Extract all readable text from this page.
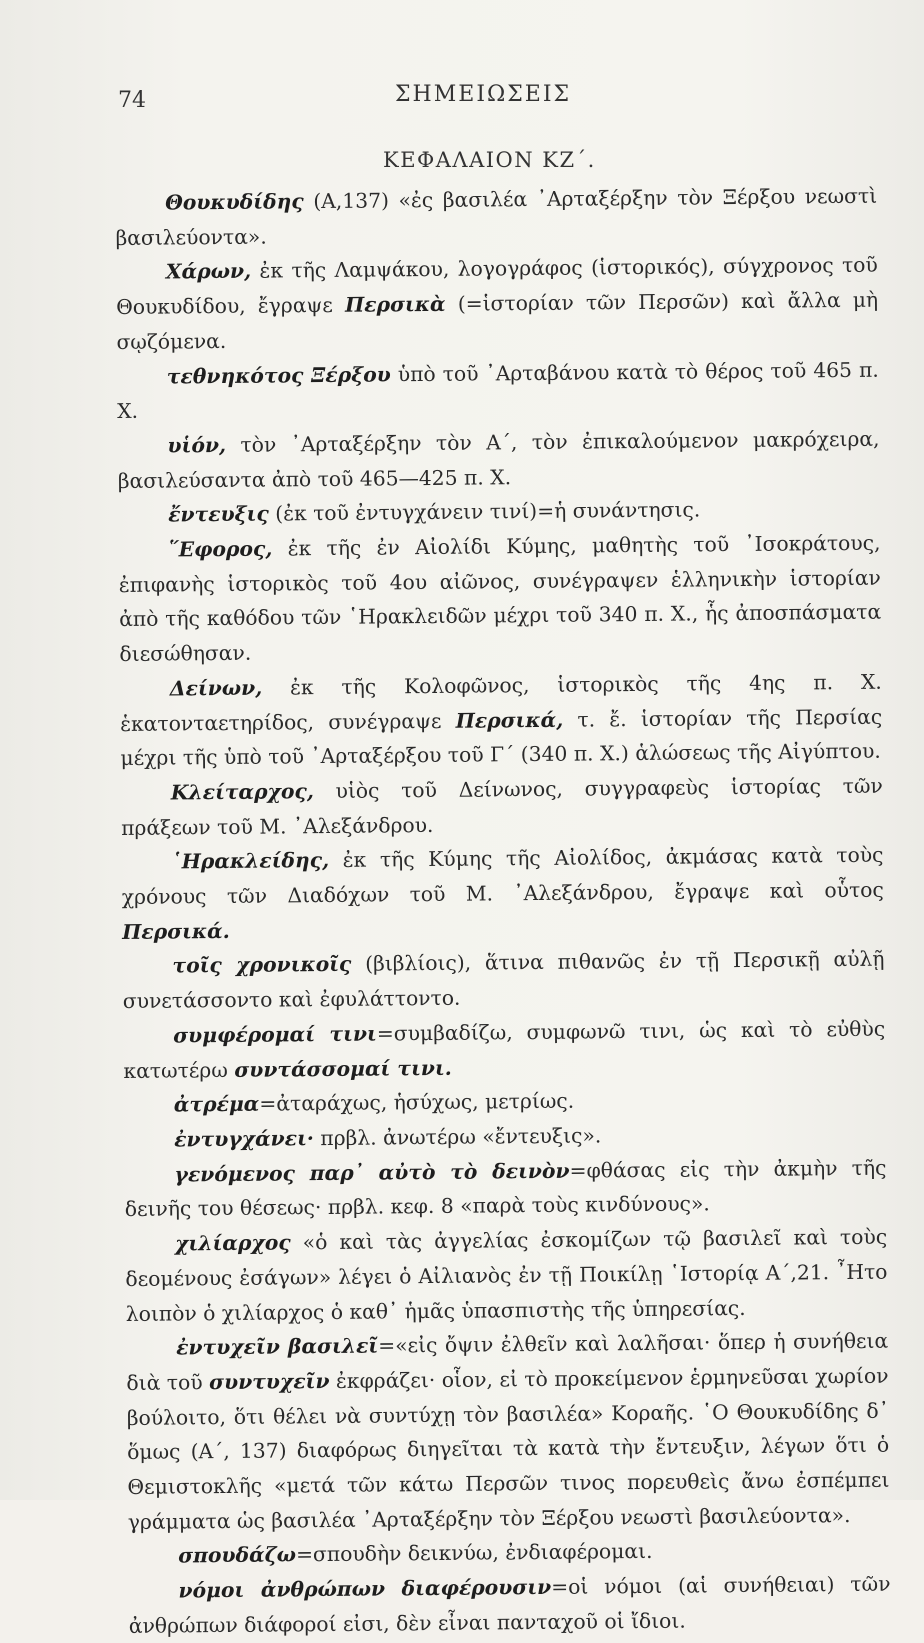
74	ΣΗΜΕΙΩΣΕΙΣ
ΚΕΦΑΛΑΙΟΝ ΚΖ΄.

Θουκυδίδης (Α,137) «ἐς βασιλέα ᾿Αρταξέρξην τὸν Ξέρξου νεωστὶ βασιλεύοντα».

Χάρων, ἐκ τῆς Λαμψάκου, λογογράφος (ἱστορικός), σύγχρονος τοῦ Θουκυδίδου, ἔγραψε Περσικὰ (=ἱστορίαν τῶν Περσῶν) καὶ ἄλλα μὴ σῳζόμενα.

τεθνηκότος Ξέρξου ὑπὸ τοῦ ᾿Αρταβάνου κατὰ τὸ θέρος τοῦ 465 π. Χ.

υἱόν, τὸν ᾿Αρταξέρξην τὸν Α΄, τὸν ἐπικαλούμενον μακρόχειρα, βασιλεύσαντα ἀπὸ τοῦ 465—425 π. Χ.

ἔντευξις (ἐκ τοῦ ἐντυγχάνειν τινί)=ἡ συνάντησις.

῞Εφορος, ἐκ τῆς ἐν Αἰολίδι Κύμης, μαθητὴς τοῦ ᾿Ισοκράτους, ἐπιφανὴς ἱστορικὸς τοῦ 4ου αἰῶνος, συνέγραψεν ἑλληνικὴν ἱστορίαν ἀπὸ τῆς καθόδου τῶν ῾Ηρακλειδῶν μέχρι τοῦ 340 π. Χ., ἧς ἀποσπάσματα διεσώθησαν.

Δείνων, ἐκ τῆς Κολοφῶνος, ἱστορικὸς τῆς 4ης π. Χ. ἑκατονταετηρίδος, συνέγραψε Περσικά, τ. ἔ. ἱστορίαν τῆς Περσίας μέχρι τῆς ὑπὸ τοῦ ᾿Αρταξέρξου τοῦ Γ΄ (340 π. Χ.) ἁλώσεως τῆς Αἰγύπτου.

Κλείταρχος, υἱὸς τοῦ Δείνωνος, συγγραφεὺς ἱστορίας τῶν πράξεων τοῦ Μ. ᾿Αλεξάνδρου.

῾Ηρακλείδης, ἐκ τῆς Κύμης τῆς Αἰολίδος, ἀκμάσας κατὰ τοὺς χρόνους τῶν Διαδόχων τοῦ Μ. ᾿Αλεξάνδρου, ἔγραψε καὶ οὗτος Περσικά.

τοῖς χρονικοῖς (βιβλίοις), ἅτινα πιθανῶς ἐν τῇ Περσικῇ αὐλῇ συνετάσσοντο καὶ ἐφυλάττοντο.

συμφέρομαί τινι=συμβαδίζω, συμφωνῶ τινι, ὡς καὶ τὸ εὐθὺς κατωτέρω συντάσσομαί τινι.

ἀτρέμα=ἀταράχως, ἡσύχως, μετρίως.

ἐντυγχάνει· πρβλ. ἀνωτέρω «ἔντευξις».

γενόμενος παρ᾿ αὐτὸ τὸ δεινὸν=φθάσας εἰς τὴν ἀκμὴν τῆς δεινῆς του θέσεως· πρβλ. κεφ. 8 «παρὰ τοὺς κινδύνους».

χιλίαρχος «ὁ καὶ τὰς ἀγγελίας ἐσκομίζων τῷ βασιλεῖ καὶ τοὺς δεομένους ἐσάγων» λέγει ὁ Αἰλιανὸς ἐν τῇ Ποικίλῃ ῾Ιστορίᾳ Α΄,21. ῏Ητο λοιπὸν ὁ χιλίαρχος ὁ καθ᾿ ἡμᾶς ὑπασπιστὴς τῆς ὑπηρεσίας.

ἐντυχεῖν βασιλεῖ=«εἰς ὄψιν ἐλθεῖν καὶ λαλῆσαι· ὅπερ ἡ συνήθεια διὰ τοῦ συντυχεῖν ἐκφράζει· οἷον, εἰ τὸ προκείμενον ἑρμηνεῦσαι χωρίον βούλοιτο, ὅτι θέλει νὰ συντύχῃ τὸν βασιλέα» Κοραῆς. ῾Ο Θουκυδίδης δ᾿ ὅμως (Α΄, 137) διαφόρως διηγεῖται τὰ κατὰ τὴν ἔντευξιν, λέγων ὅτι ὁ Θεμιστοκλῆς «μετά τῶν κάτω Περσῶν τινος πορευθεὶς ἄνω ἐσπέμπει γράμματα ὡς βασιλέα ᾿Αρταξέρξην τὸν Ξέρξου νεωστὶ βασιλεύοντα».

σπουδάζω=σπουδὴν δεικνύω, ἐνδιαφέρομαι.

νόμοι ἀνθρώπων διαφέρουσιν=οἱ νόμοι (αἱ συνήθειαι) τῶν ἀνθρώπων διάφοροί εἰσι, δὲν εἶναι πανταχοῦ οἱ ἴδιοι.
